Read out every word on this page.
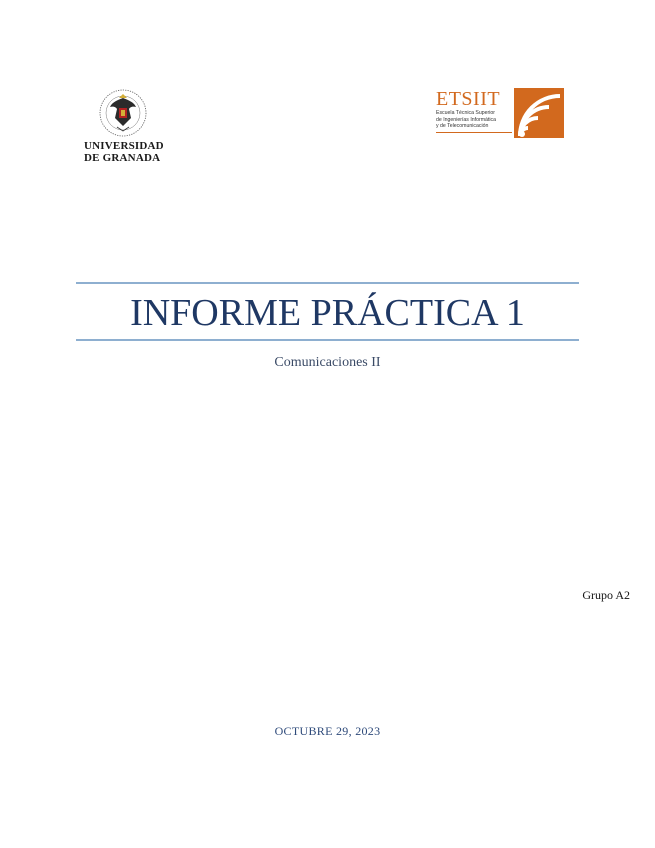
UNIVERSIDAD
DE GRANADA
ETSIIT
Escuela Técnica Superior
de Ingenierías Informática
y de Telecomunicación
INFORME PRÁCTICA 1
Comunicaciones II
Grupo A2
OCTUBRE 29, 2023
